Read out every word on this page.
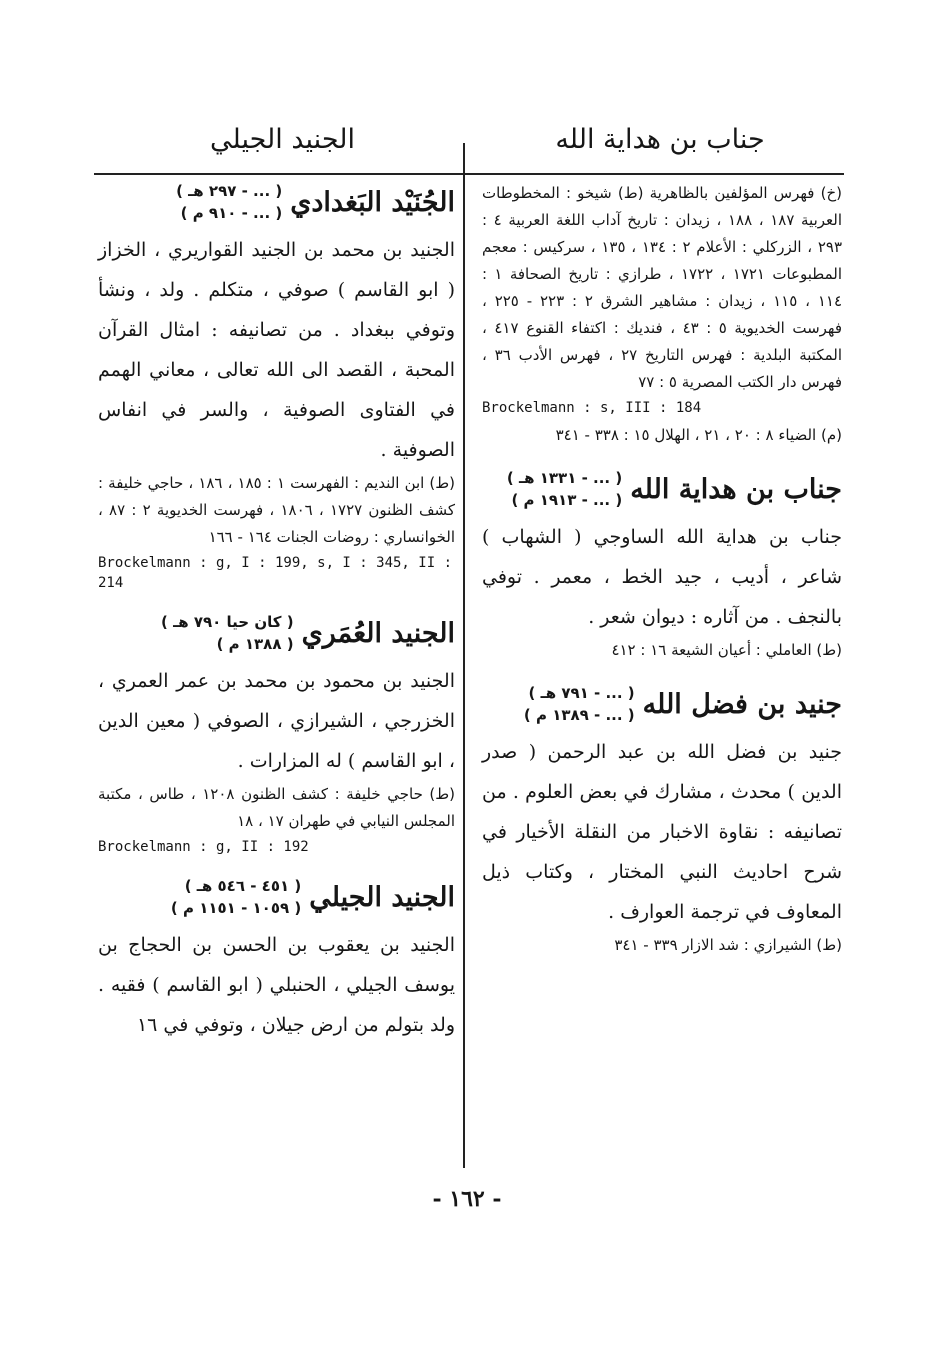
جناب بن هداية الله
الجنيد الجيلي

(خ) فهرس المؤلفين بالظاهرية (ط) شيخو : المخطوطات العربية ١٨٧ ، ١٨٨ ، زيدان : تاريخ آداب اللغة العربية ٤ : ٢٩٣ ، الزركلي : الأعلام ٢ : ١٣٤ ، ١٣٥ ، سركيس : معجم المطبوعات ١٧٢١ ، ١٧٢٢ ، طرازي : تاريخ الصحافة ١ : ١١٤ ، ١١٥ ، زيدان : مشاهير الشرق ٢ : ٢٢٣ - ٢٢٥ ، فهرست الخديوية ٥ : ٤٣ ، فنديك : اكتفاء القنوع ٤١٧ ، المكتبة البلدية : فهرس التاريخ ٢٧ ، فهرس الأدب ٣٦ ، فهرس دار الكتب المصرية ٥ : ٧٧

Brockelmann : s, III : 184

(م) الضياء ٨ : ٢٠ ، ٢١ ، الهلال ١٥ : ٣٣٨ - ٣٤١

جناب بن هداية الله
( ... - ١٣٣١ هـ )
( ... - ١٩١٣ م )

جناب بن هداية الله الساوجي ( الشهاب ) شاعر ، أديب ، جيد الخط ، معمر . توفي بالنجف . من آثاره : ديوان شعر .

(ط) العاملي : أعيان الشيعة ١٦ : ٤١٢

جنيد بن فضل الله
( ... - ٧٩١ هـ )
( ... - ١٣٨٩ م )

جنيد بن فضل الله بن عبد الرحمن ( صدر الدين ) محدث ، مشارك في بعض العلوم . من تصانيفه : نقاوة الاخبار من النقلة الأخيار في شرح احاديث النبي المختار ، وكتاب ذيل المعاوف في ترجمة العوارف .

(ط) الشيرازي : شد الازار ٣٣٩ - ٣٤١

الجُنَيْد البَغدادي
( ... - ٢٩٧ هـ )
( ... - ٩١٠ م )

الجنيد بن محمد بن الجنيد القواريري ، الخزاز ( ابو القاسم ) صوفي ، متكلم . ولد ، ونشأ وتوفي ببغداد . من تصانيفه : امثال القرآن المحبة ، القصد الى الله تعالى ، معاني الهمم في الفتاوى الصوفية ، والسر في انفاس الصوفية .

(ط) ابن النديم : الفهرست ١ : ١٨٥ ، ١٨٦ ، حاجي خليفة : كشف الظنون ١٧٢٧ ، ١٨٠٦ ، فهرست الخديوية ٢ : ٨٧ ، الخوانساري : روضات الجنات ١٦٤ - ١٦٦

Brockelmann : g, I : 199, s, I : 345, II : 214

الجنيد العُمَري
( كان حيا ٧٩٠ هـ )
( ١٣٨٨ م )

الجنيد بن محمود بن محمد بن عمر العمري ، الخزرجي ، الشيرازي ، الصوفي ( معين الدين ، ابو القاسم ) له المزارات .

(ط) حاجي خليفة : كشف الظنون ١٢٠٨ ، طاس ، مكتبة المجلس النيابي في طهران ١٧ ، ١٨

Brockelmann : g, II : 192

الجنيد الجيلي
( ٤٥١ - ٥٤٦ هـ )
( ١٠٥٩ - ١١٥١ م )

الجنيد بن يعقوب بن الحسن بن الحجاج بن يوسف الجيلي ، الحنبلي ( ابو القاسم ) فقيه . ولد بتولم من ارض جيلان ، وتوفي في ١٦

- ١٦٢ -
